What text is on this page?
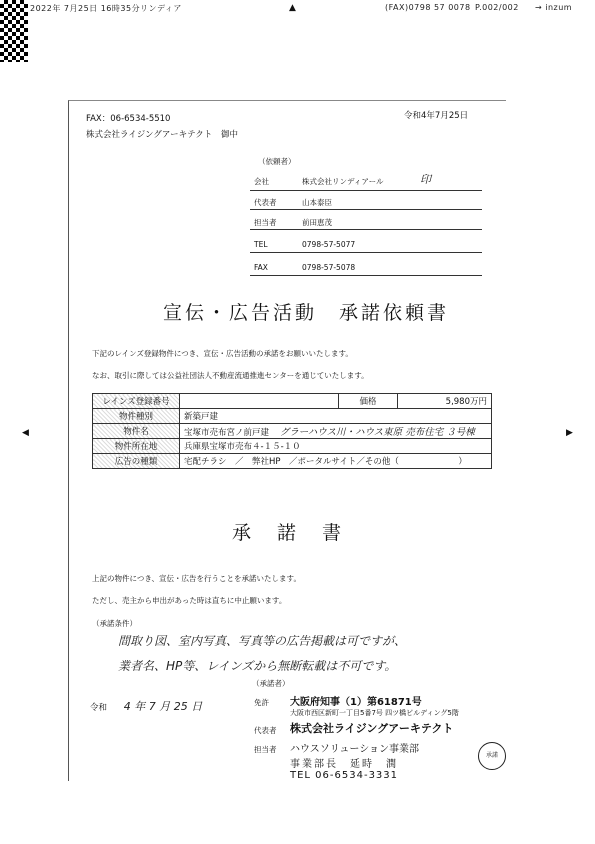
2022年 7月25日 16時35分 リンディア	(FAX)0798 57 0078 P.002/002 → inzum
▲
◀	▶
FAX：06-6534-5510
株式会社ライジングアーキテクト 御中
令和4年7月25日
（依頼者）
会社	株式会社リンディアール	印
代表者	山本泰臣
担当者	前田恵茂
TEL	0798-57-5077
FAX	0798-57-5078
宣伝・広告活動　承諾依頼書
下記のレインズ登録物件につき、宣伝・広告活動の承諾をお願いいたします。
なお、取引に際しては公益社団法人不動産流通推進センターを通じていたします。
レインズ登録番号		価格	5,980万円
物件種別	新築戸建		
物件名	宝塚市売布宮ノ前戸建 グラーハウス川・ハウス東原 売布住宅 ３号棟		
物件所在地	兵庫県宝塚市売布４-１５-１０		
広告の種類	宅配チラシ　／　弊社HP　／ポータルサイト／その他（　　　　　　　）		
承諾書
上記の物件につき、宣伝・広告を行うことを承諾いたします。
ただし、売主から申出があった時は直ちに中止願います。
（承諾条件）
間取り図、室内写真、写真等の広告掲載は可ですが、
業者名、HP等、レインズから無断転載は不可です。
（承諾者）
令和 4 年 7 月 25 日	免許 大阪府知事（1）第61871号
大阪市西区新町一丁目5番7号 四ツ橋ビルディング5階
代表者 株式会社ライジングアーキテクト
担当者 ハウスソリューション事業部
事業部長　延時　潤
TEL 06-6534-3331
承諾
